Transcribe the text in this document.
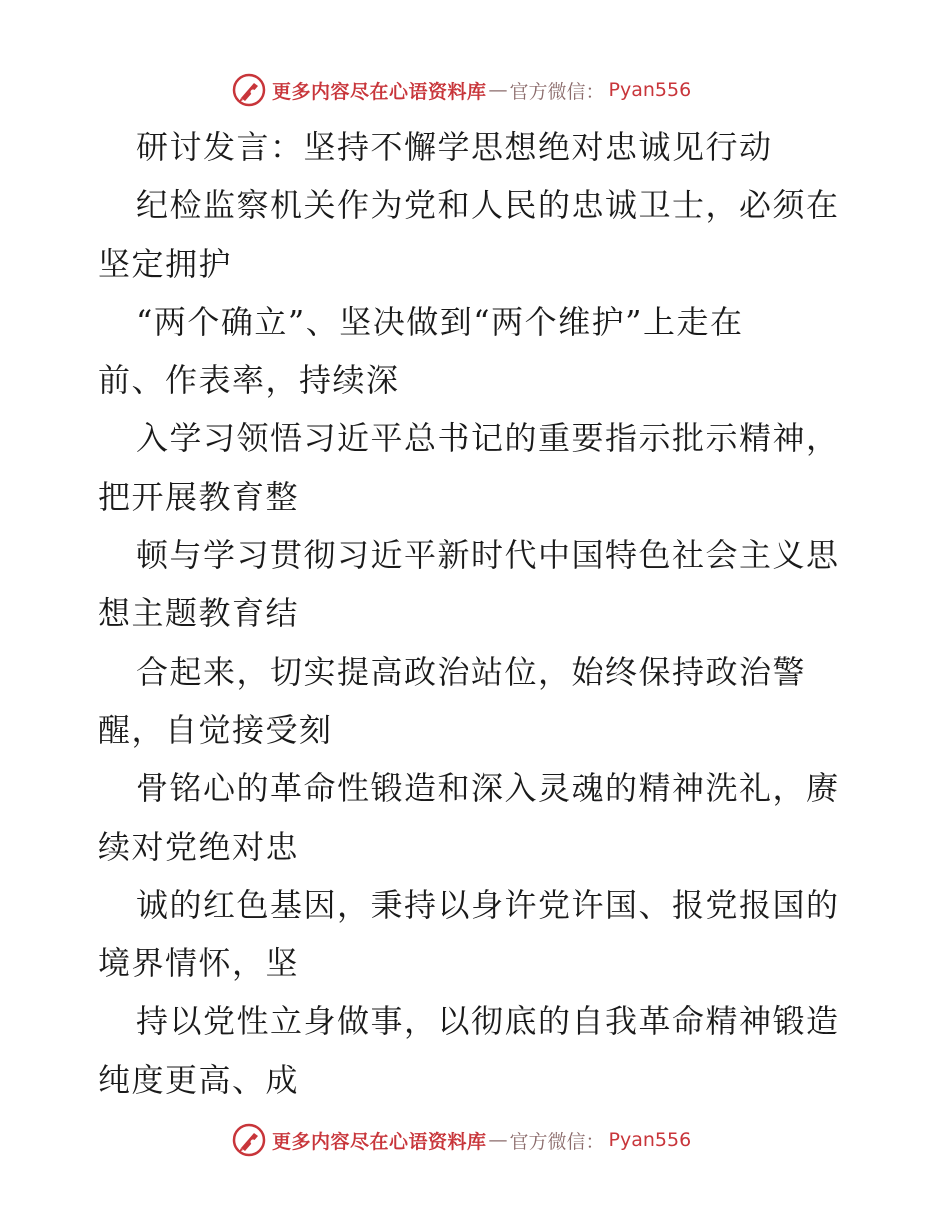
更多内容尽在心语资料库 — 官方微信： Pyan556
研讨发言：坚持不懈学思想绝对忠诚见行动
纪检监察机关作为党和人民的忠诚卫士，必须在
坚定拥护
“两个确立”、坚决做到“两个维护”上走在
前、作表率，持续深
入学习领悟习近平总书记的重要指示批示精神，
把开展教育整
顿与学习贯彻习近平新时代中国特色社会主义思
想主题教育结
合起来，切实提高政治站位，始终保持政治警
醒，自觉接受刻
骨铭心的革命性锻造和深入灵魂的精神洗礼，赓
续对党绝对忠
诚的红色基因，秉持以身许党许国、报党报国的
境界情怀，坚
持以党性立身做事，以彻底的自我革命精神锻造
纯度更高、成
更多内容尽在心语资料库 — 官方微信： Pyan556
